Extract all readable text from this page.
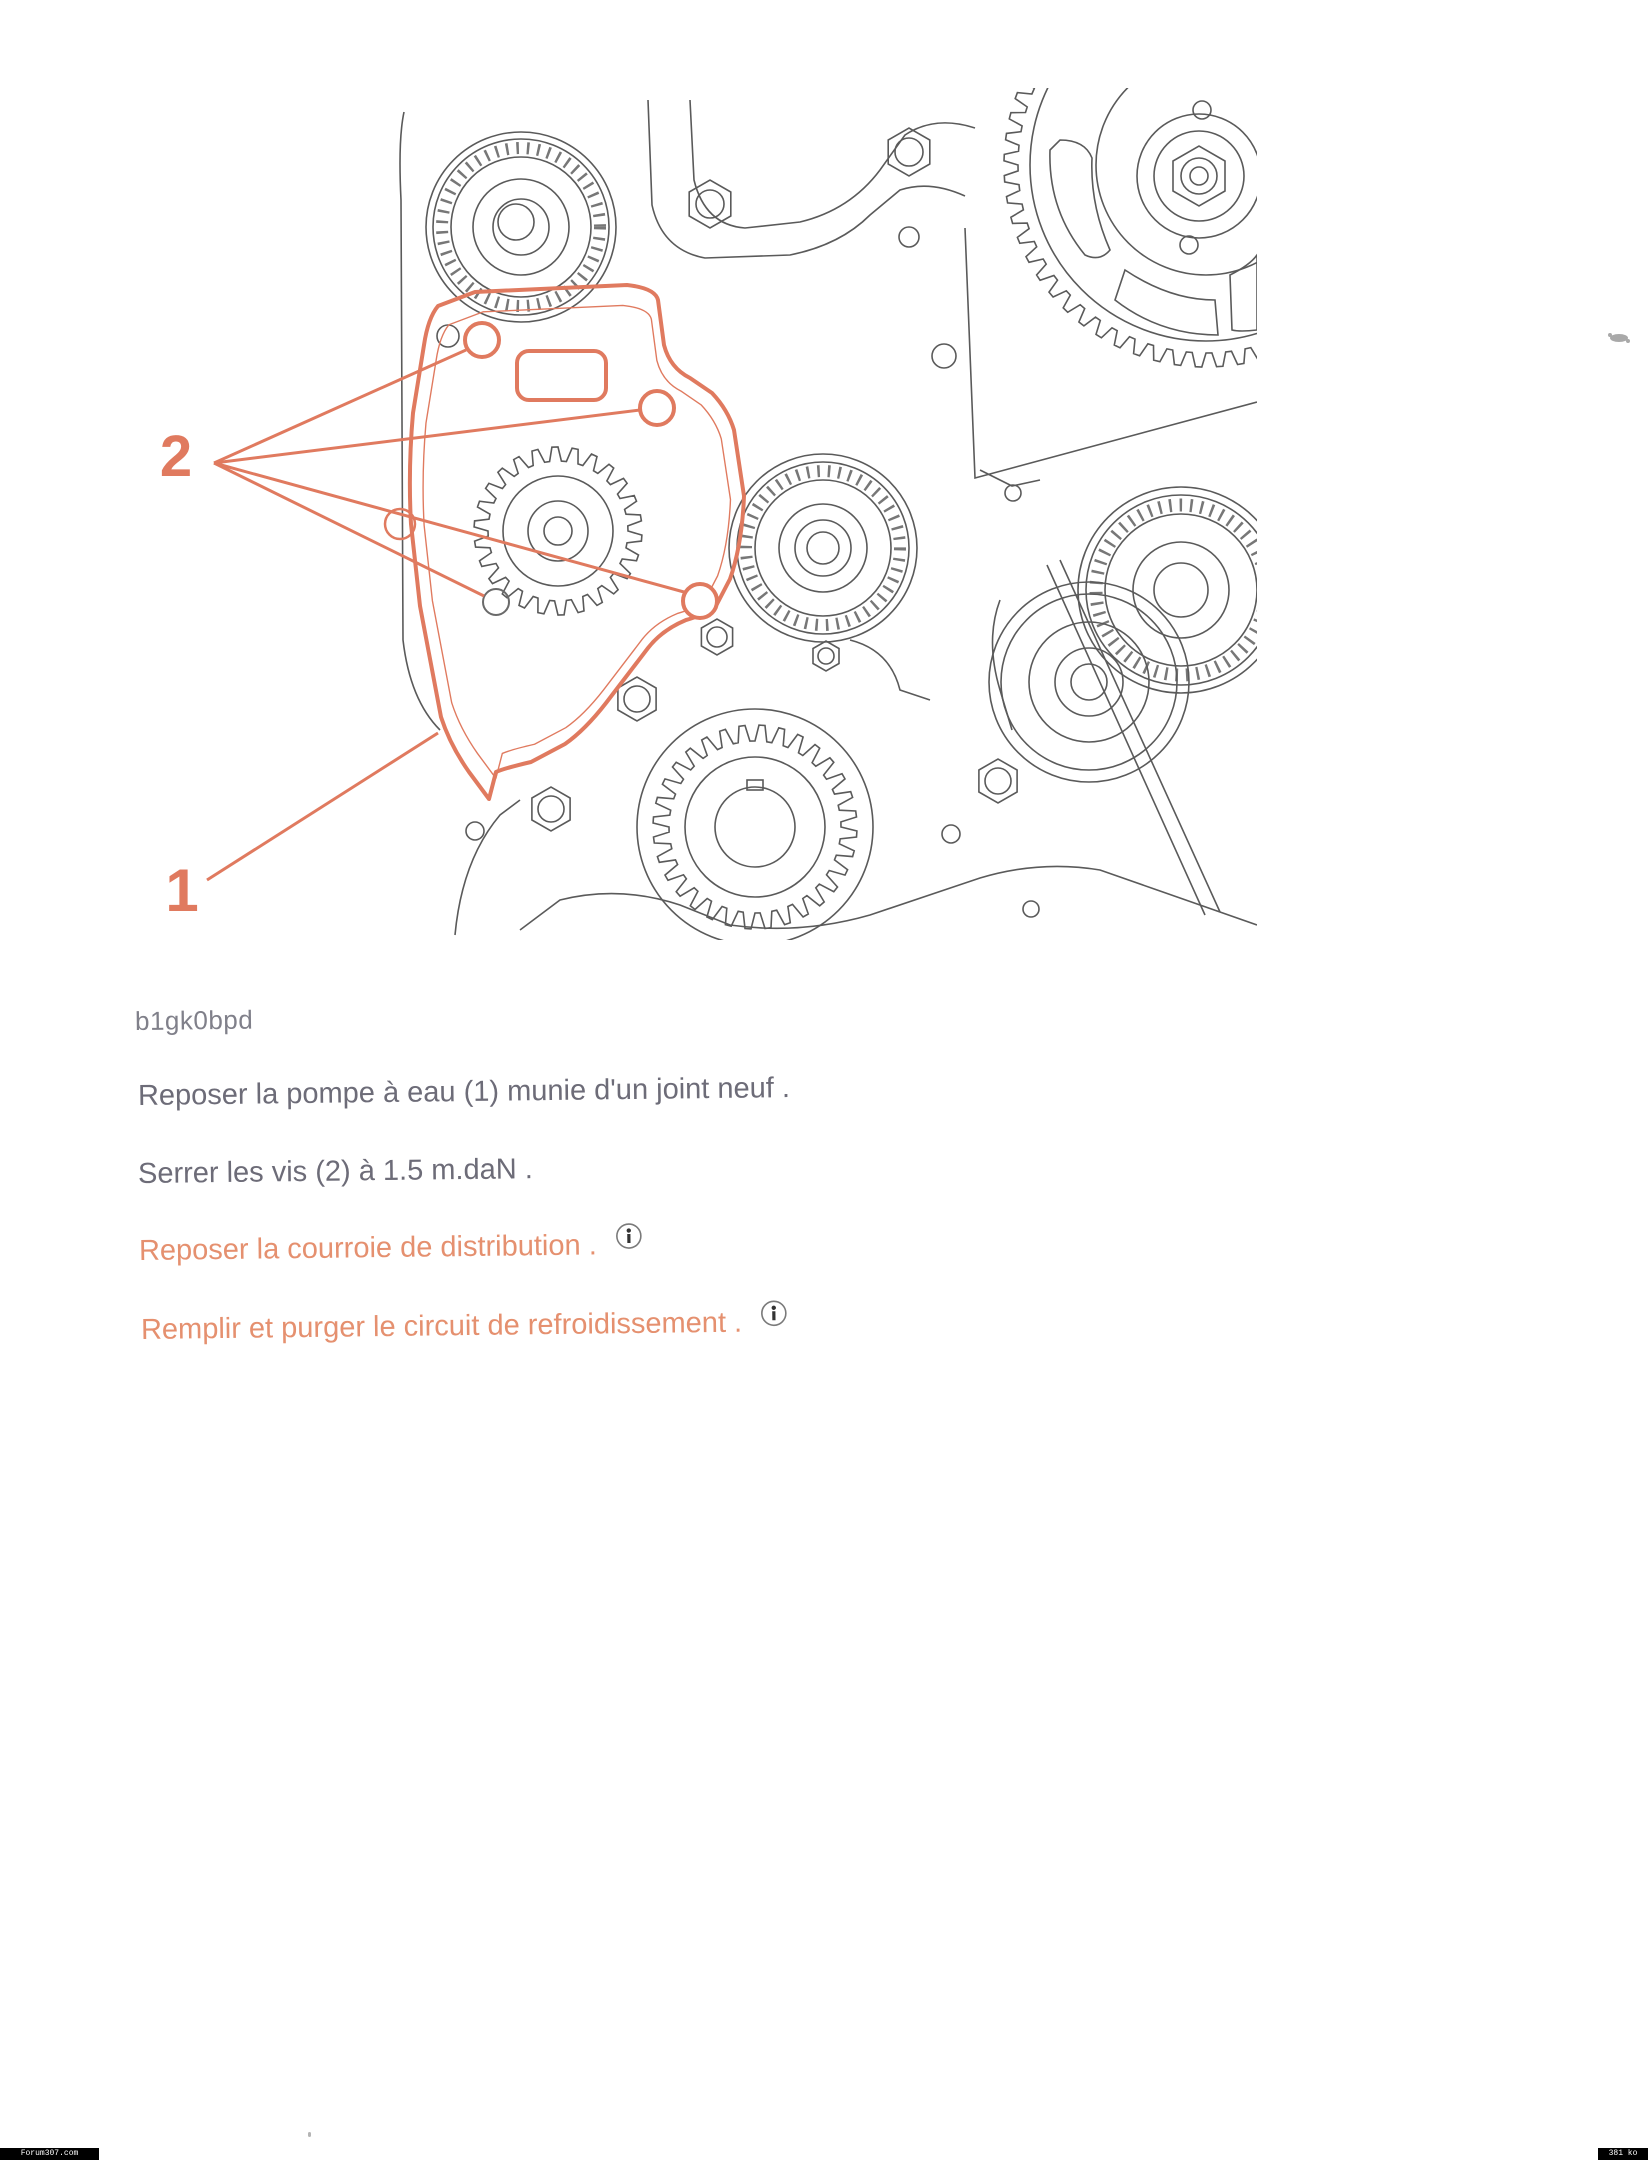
2
1
b1gk0bpd
Reposer la pompe à eau (1) munie d'un joint neuf .
Serrer les vis (2) à 1.5 m.daN .
Reposer la courroie de distribution .
Remplir et purger le circuit de refroidissement .
Forum307.com	381 ko
